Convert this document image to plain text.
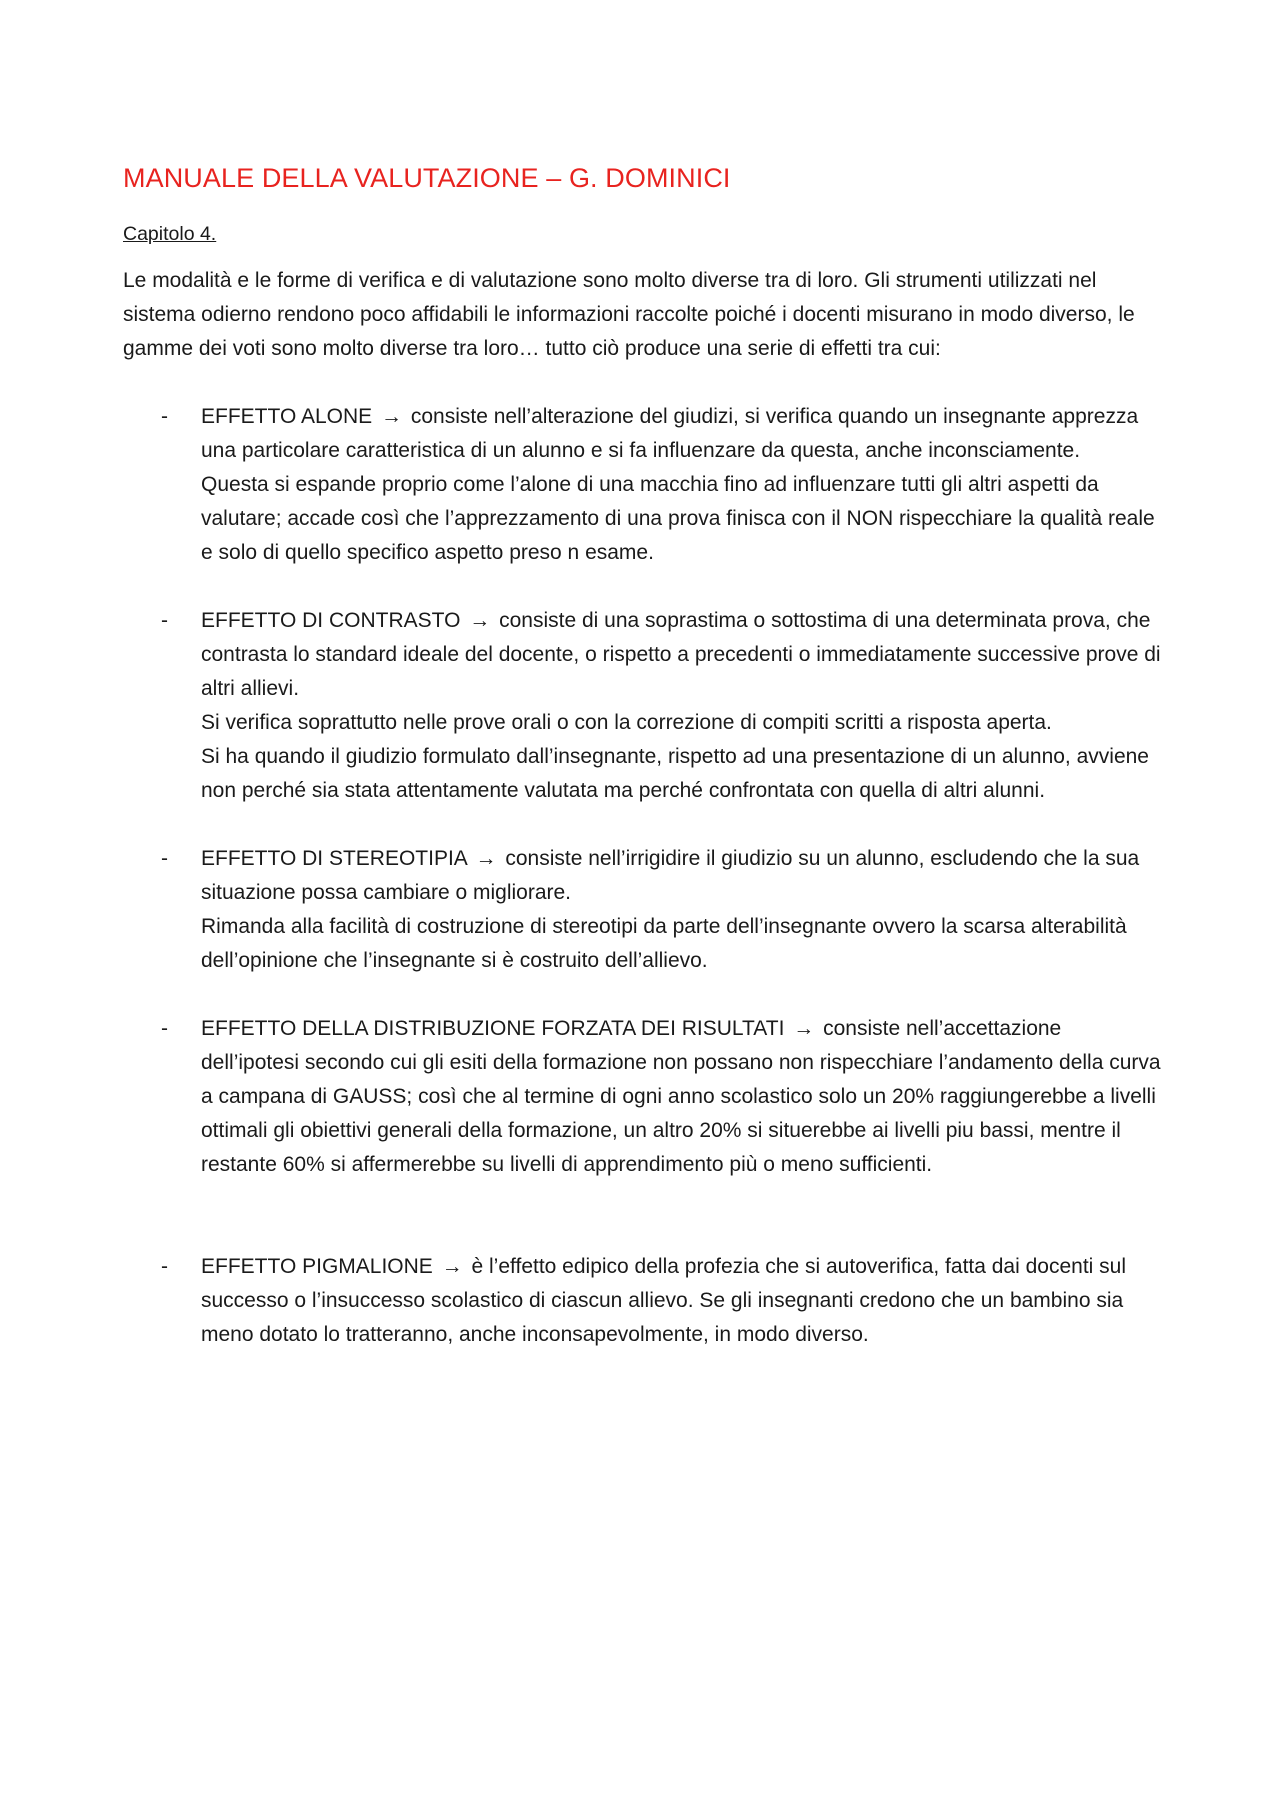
MANUALE DELLA VALUTAZIONE – G. DOMINICI
Capitolo 4.
Le modalità e le forme di verifica e di valutazione sono molto diverse tra di loro. Gli strumenti utilizzati nel sistema odierno rendono poco affidabili le informazioni raccolte poiché i docenti misurano in modo diverso, le gamme dei voti sono molto diverse tra loro… tutto ciò produce una serie di effetti tra cui:
- EFFETTO ALONE → consiste nell’alterazione del giudizi, si verifica quando un insegnante apprezza una particolare caratteristica di un alunno e si fa influenzare da questa, anche inconsciamente.

Questa si espande proprio come l’alone di una macchia fino ad influenzare tutti gli altri aspetti da valutare; accade così che l’apprezzamento di una prova finisca con il NON rispecchiare la qualità reale e solo di quello specifico aspetto preso n esame.

- EFFETTO DI CONTRASTO → consiste di una soprastima o sottostima di una determinata prova, che contrasta lo standard ideale del docente, o rispetto a precedenti o immediatamente successive prove di altri allievi.

Si verifica soprattutto nelle prove orali o con la correzione di compiti scritti a risposta aperta.

Si ha quando il giudizio formulato dall’insegnante, rispetto ad una presentazione di un alunno, avviene non perché sia stata attentamente valutata ma perché confrontata con quella di altri alunni.

- EFFETTO DI STEREOTIPIA → consiste nell’irrigidire il giudizio su un alunno, escludendo che la sua situazione possa cambiare o migliorare.

Rimanda alla facilità di costruzione di stereotipi da parte dell’insegnante ovvero la scarsa alterabilità dell’opinione che l’insegnante si è costruito dell’allievo.

- EFFETTO DELLA DISTRIBUZIONE FORZATA DEI RISULTATI → consiste nell’accettazione dell’ipotesi secondo cui gli esiti della formazione non possano non rispecchiare l’andamento della curva a campana di GAUSS; così che al termine di ogni anno scolastico solo un 20% raggiungerebbe a livelli ottimali gli obiettivi generali della formazione, un altro 20% si situerebbe ai livelli piu bassi, mentre il restante 60% si affermerebbe su livelli di apprendimento più o meno sufficienti.

- EFFETTO PIGMALIONE → è l’effetto edipico della profezia che si autoverifica, fatta dai docenti sul successo o l’insuccesso scolastico di ciascun allievo. Se gli insegnanti credono che un bambino sia meno dotato lo tratteranno, anche inconsapevolmente, in modo diverso.
